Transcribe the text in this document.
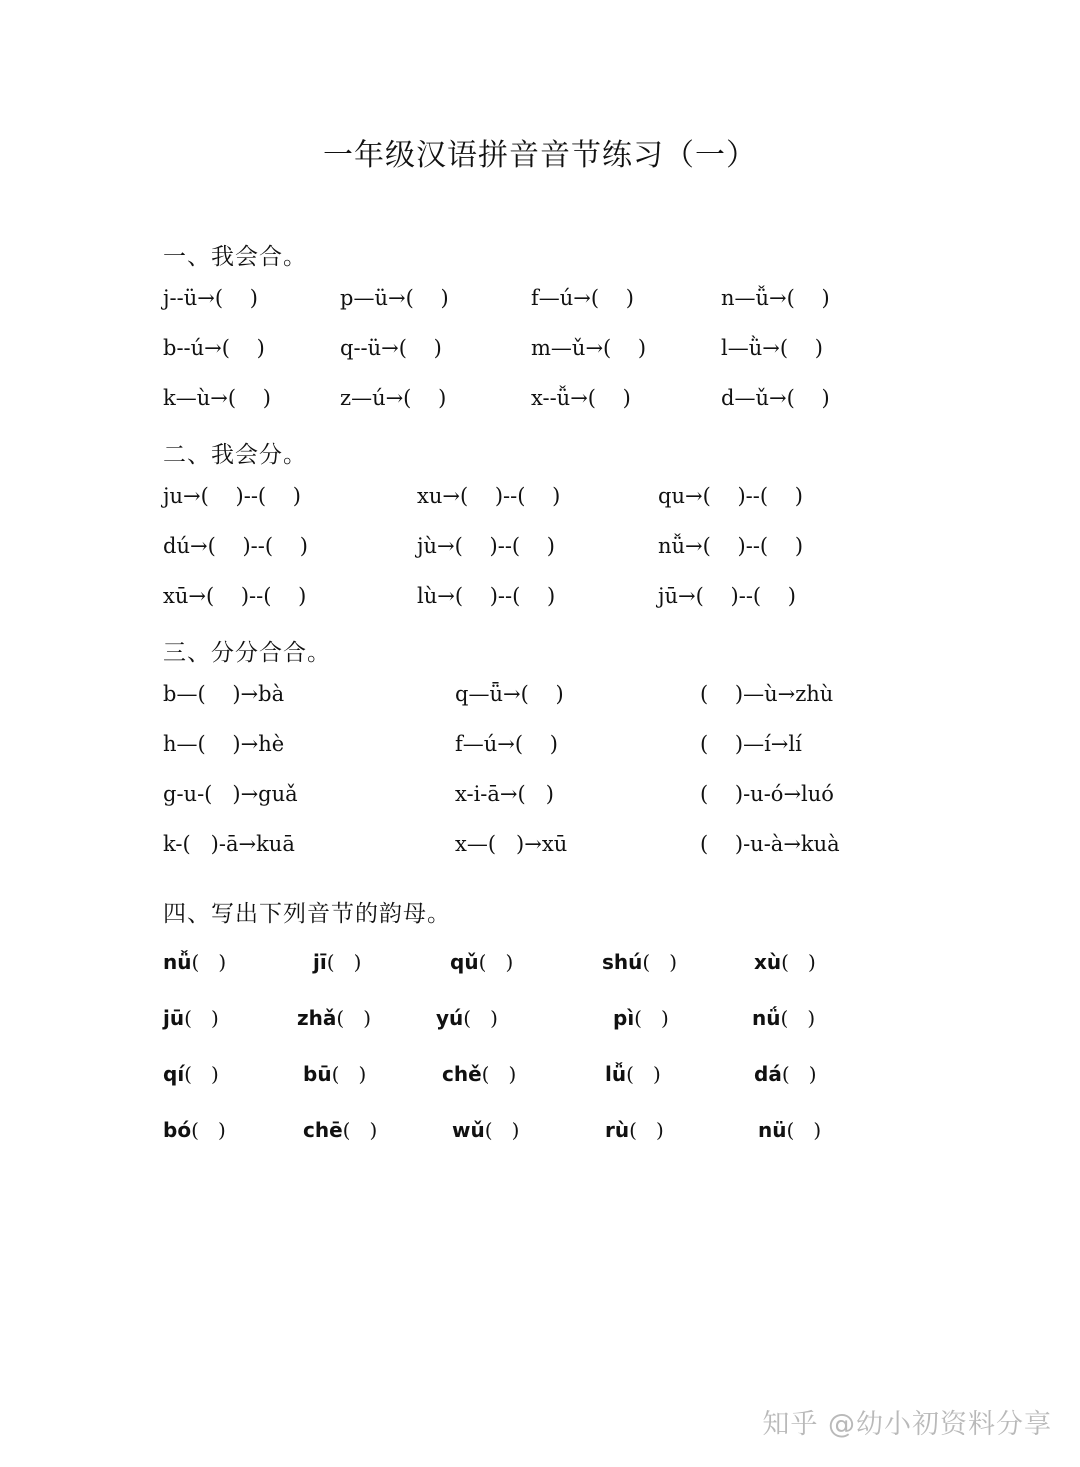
一年级汉语拼音音节练习（一）
一、我会合。
j--ü→(    )	p—ü→(    )	f—ú→(    )	n—ǚ→(    )
b--ú→(    )	q--ü→(    )	m—ǔ→(    )	l—ǜ→(    )
k—ù→(    )	z—ú→(    )	x--ǚ→(    )	d—ǔ→(    )
二、我会分。
ju→(    )--(    )	xu→(    )--(    )	qu→(    )--(    )
dú→(    )--(    )	jù→(    )--(    )	nǚ→(    )--(    )
xū→(    )--(    )	lù→(    )--(    )	jū→(    )--(    )
三、分分合合。
b—(    )→bà	q—ǖ→(    )	(    )—ù→zhù
h—(    )→hè	f—ú→(    )	(    )—í→lí
g-u-(   )→guǎ	x-i-ā→(   )	(    )-u-ó→luó
k-(   )-ā→kuā	x—(   )→xū	(    )-u-à→kuà
四、写出下列音节的韵母。
nǚ(   )	jī(   )	qǔ(   )	shú(   )	xù(   )
jū(   )	zhǎ(   )	yú(   )	pì(   )	nǘ(   )
qí(   )	bū(   )	chě(   )	lǚ(   )	dá(   )
bó(   )	chē(   )	wǔ(   )	rù(   )	nü(   )
知乎 @幼小初资料分享
